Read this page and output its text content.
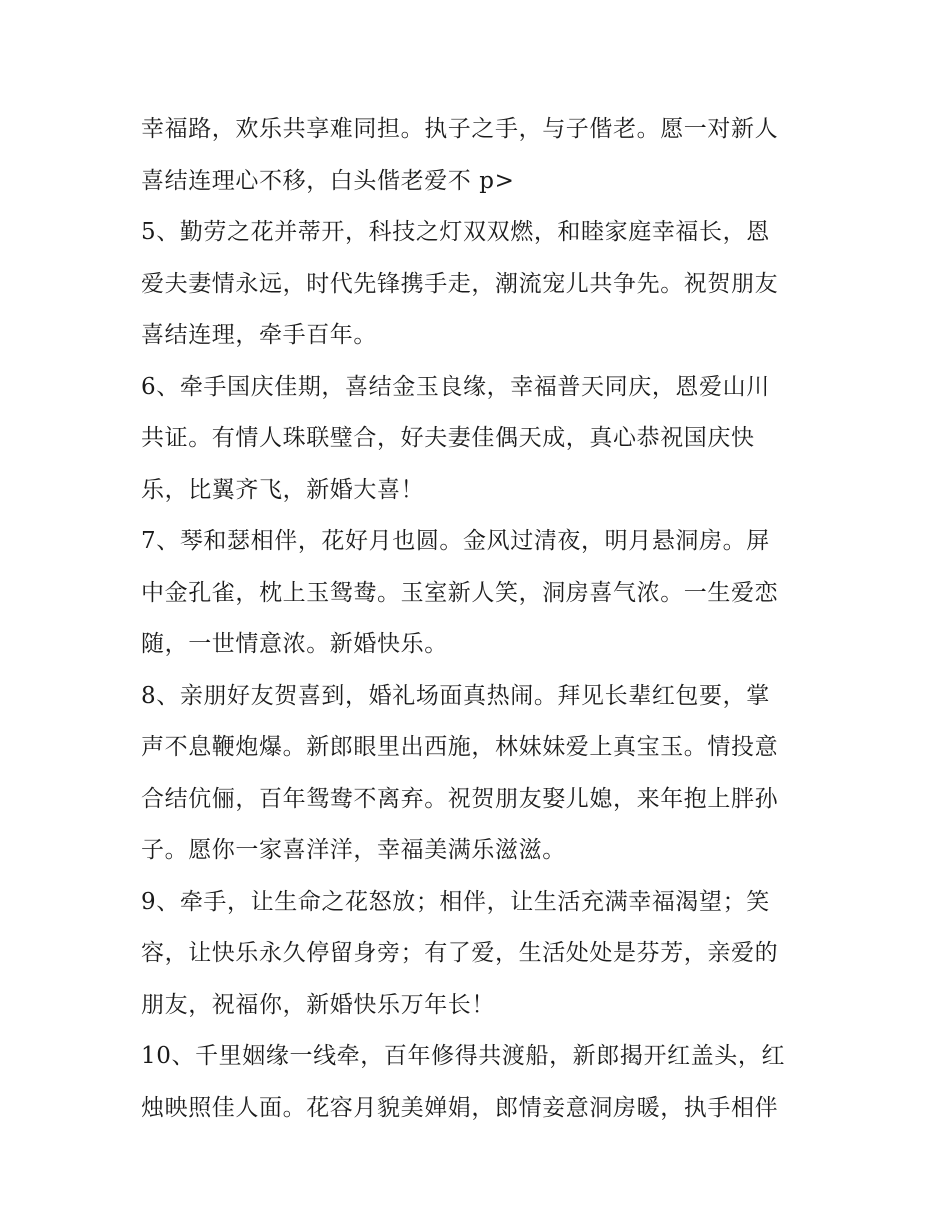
幸福路，欢乐共享难同担。执子之手，与子偕老。愿一对新人
喜结连理心不移，白头偕老爱不 p>
5、勤劳之花并蒂开，科技之灯双双燃，和睦家庭幸福长，恩
爱夫妻情永远，时代先锋携手走，潮流宠儿共争先。祝贺朋友
喜结连理，牵手百年。
6、牵手国庆佳期，喜结金玉良缘，幸福普天同庆，恩爱山川
共证。有情人珠联璧合，好夫妻佳偶天成，真心恭祝国庆快
乐，比翼齐飞，新婚大喜！
7、琴和瑟相伴，花好月也圆。金风过清夜，明月悬洞房。屏
中金孔雀，枕上玉鸳鸯。玉室新人笑，洞房喜气浓。一生爱恋
随，一世情意浓。新婚快乐。
8、亲朋好友贺喜到，婚礼场面真热闹。拜见长辈红包要，掌
声不息鞭炮爆。新郎眼里出西施，林妹妹爱上真宝玉。情投意
合结伉俪，百年鸳鸯不离弃。祝贺朋友娶儿媳，来年抱上胖孙
子。愿你一家喜洋洋，幸福美满乐滋滋。
9、牵手，让生命之花怒放；相伴，让生活充满幸福渴望；笑
容，让快乐永久停留身旁；有了爱，生活处处是芬芳，亲爱的
朋友，祝福你，新婚快乐万年长！
10、千里姻缘一线牵，百年修得共渡船，新郎揭开红盖头，红
烛映照佳人面。花容月貌美婵娟，郎情妾意洞房暖，执手相伴
